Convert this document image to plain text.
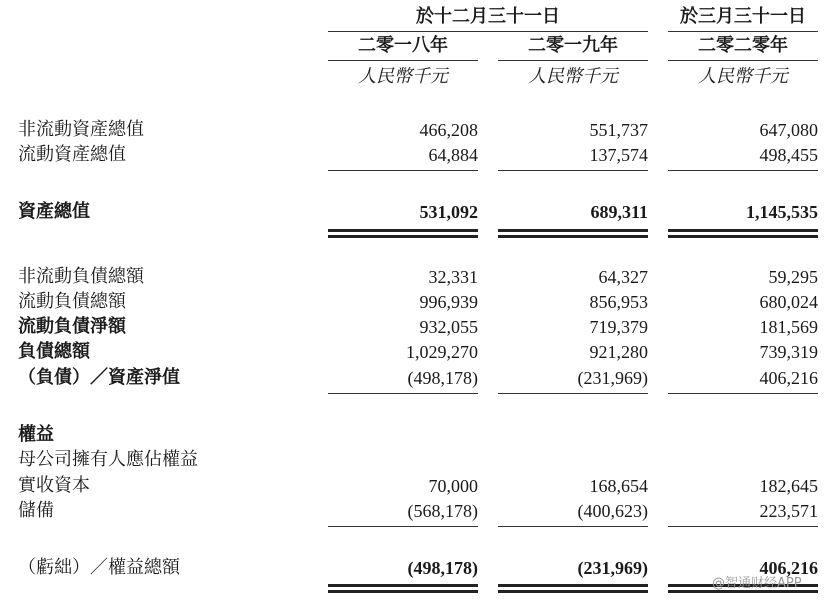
於十二月三十一日	於三月三十一日
二零一八年	二零一九年	二零二零年
人民幣千元	人民幣千元	人民幣千元
非流動資產總值	466,208	551,737	647,080
流動資產總值	64,884	137,574	498,455
資產總值	531,092	689,311	1,145,535
非流動負債總額	32,331	64,327	59,295
流動負債總額	996,939	856,953	680,024
流動負債淨額	932,055	719,379	181,569
負債總額	1,029,270	921,280	739,319
（負債）／資產淨值	(498,178)	(231,969)	406,216
權益
母公司擁有人應佔權益
實收資本	70,000	168,654	182,645
儲備	(568,178)	(400,623)	223,571
（虧絀）／權益總額	(498,178)	(231,969)	406,216
@智通财经APP
